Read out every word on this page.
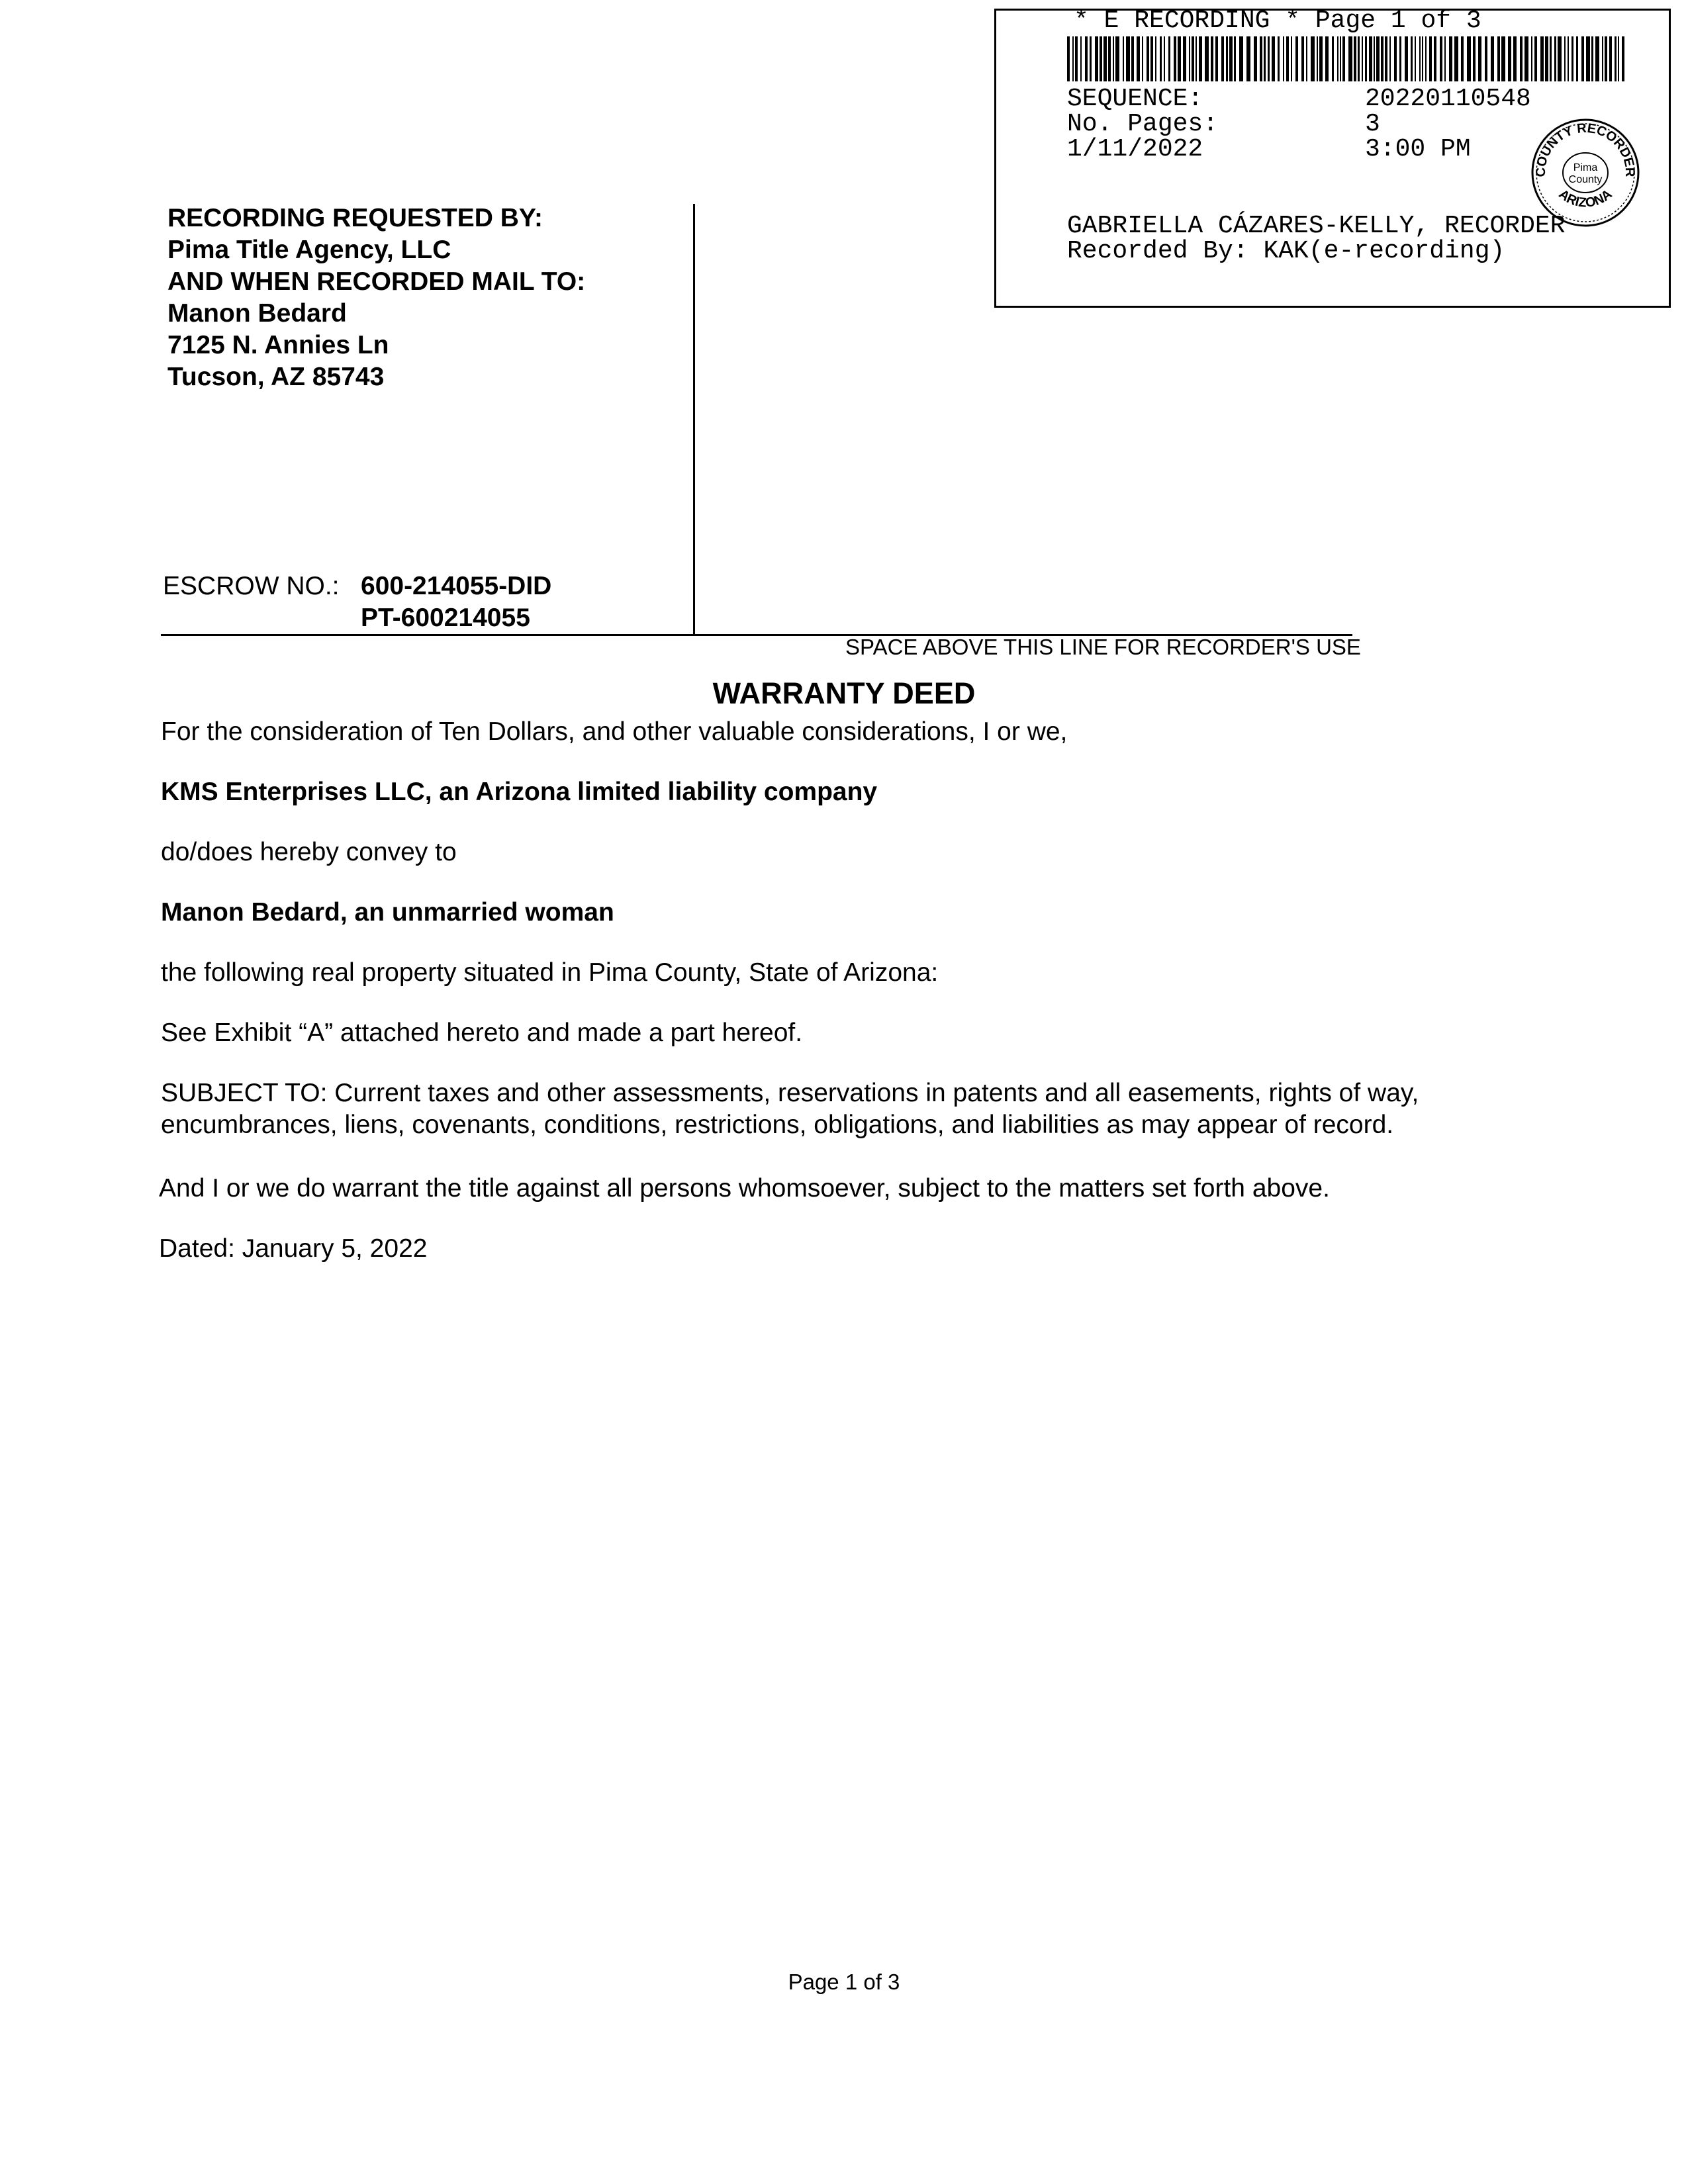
* E RECORDING * Page 1 of 3
SEQUENCE:	20220110548
No. Pages:	3
1/11/2022	3:00 PM
COUNTY RECORDER
ARIZONA
Pima
County
GABRIELLA CÁZARES-KELLY, RECORDER
Recorded By: KAK(e-recording)
RECORDING REQUESTED BY:
Pima Title Agency, LLC
AND WHEN RECORDED MAIL TO:
Manon Bedard
7125 N. Annies Ln
Tucson, AZ 85743
ESCROW NO.: 600-214055-DID
PT-600214055
SPACE ABOVE THIS LINE FOR RECORDER'S USE
WARRANTY DEED
For the consideration of Ten Dollars, and other valuable considerations, I or we,
KMS Enterprises LLC, an Arizona limited liability company
do/does hereby convey to
Manon Bedard, an unmarried woman
the following real property situated in Pima County, State of Arizona:
See Exhibit “A” attached hereto and made a part hereof.
SUBJECT TO: Current taxes and other assessments, reservations in patents and all easements, rights of way,
encumbrances, liens, covenants, conditions, restrictions, obligations, and liabilities as may appear of record.
And I or we do warrant the title against all persons whomsoever, subject to the matters set forth above.
Dated: January 5, 2022
Page 1 of 3
